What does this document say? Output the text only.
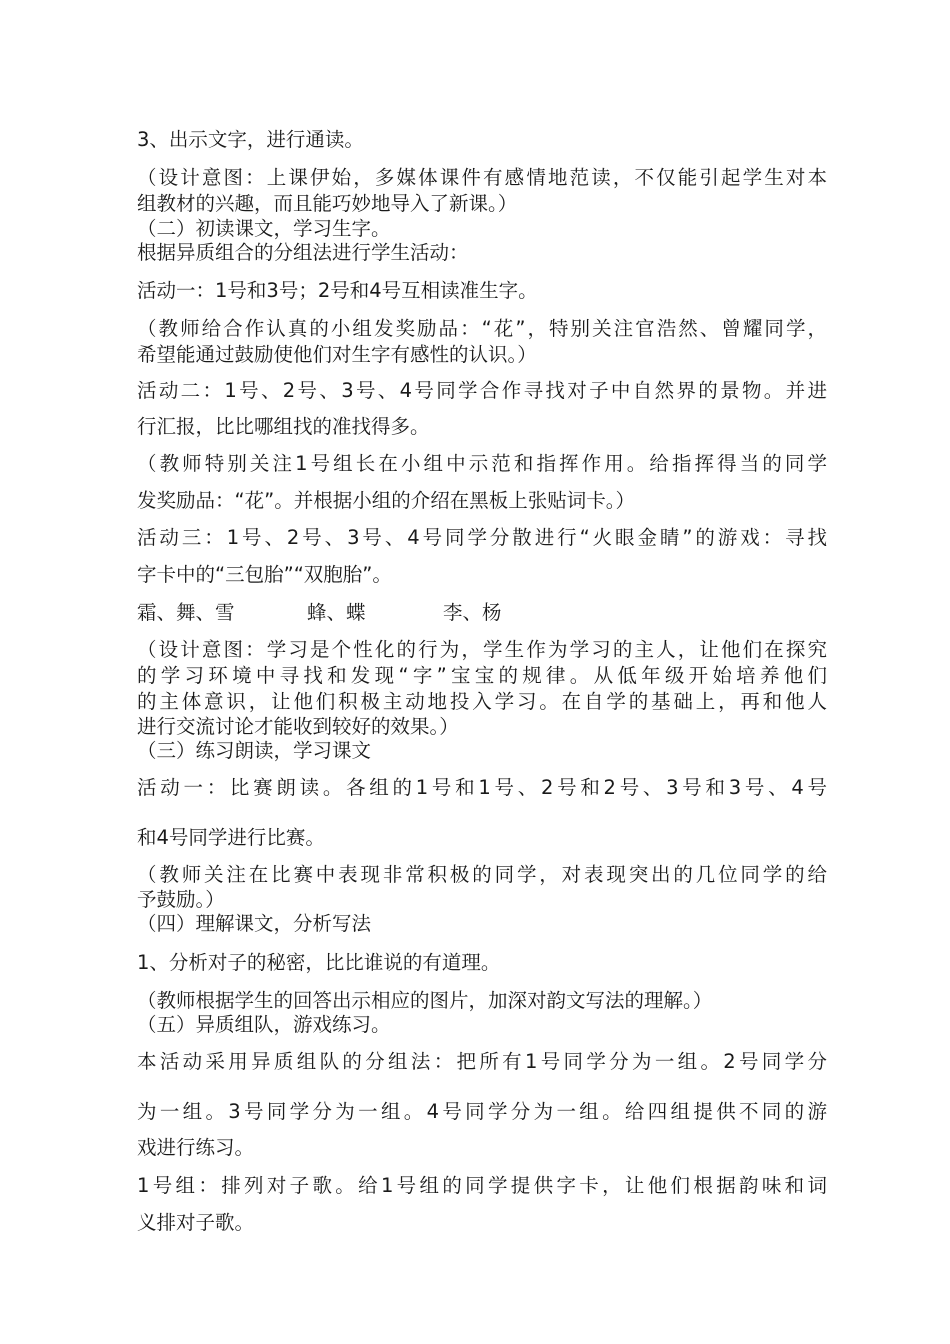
3、出示文字，进行通读。

（设计意图：上课伊始，多媒体课件有感情地范读，不仅能引起学生对本

组教材的兴趣，而且能巧妙地导入了新课。）

（二）初读课文，学习生字。

根据异质组合的分组法进行学生活动：

活动一：1号和3号；2号和4号互相读准生字。

（教师给合作认真的小组发奖励品：“花”，特别关注官浩然、曾耀同学，

希望能通过鼓励使他们对生字有感性的认识。）

活动二：1号、2号、3号、4号同学合作寻找对子中自然界的景物。并进

行汇报，比比哪组找的准找得多。

（教师特别关注1号组长在小组中示范和指挥作用。给指挥得当的同学

发奖励品：“花”。并根据小组的介绍在黑板上张贴词卡。）

活动三：1号、2号、3号、4号同学分散进行“火眼金睛”的游戏：寻找

字卡中的“三包胎”“双胞胎”。

霜、舞、雪	蜂、蝶	李、杨

（设计意图：学习是个性化的行为，学生作为学习的主人，让他们在探究

的学习环境中寻找和发现“字”宝宝的规律。从低年级开始培养他们

的主体意识，让他们积极主动地投入学习。在自学的基础上，再和他人

进行交流讨论才能收到较好的效果。）

（三）练习朗读，学习课文

活动一：比赛朗读。各组的1号和1号、2号和2号、3号和3号、4号

和4号同学进行比赛。

（教师关注在比赛中表现非常积极的同学，对表现突出的几位同学的给

予鼓励。）

（四）理解课文，分析写法

1、分析对子的秘密，比比谁说的有道理。

（教师根据学生的回答出示相应的图片，加深对韵文写法的理解。）

（五）异质组队，游戏练习。

本活动采用异质组队的分组法：把所有1号同学分为一组。2号同学分

为一组。3号同学分为一组。4号同学分为一组。给四组提供不同的游

戏进行练习。

1号组：排列对子歌。给1号组的同学提供字卡，让他们根据韵味和词

义排对子歌。
